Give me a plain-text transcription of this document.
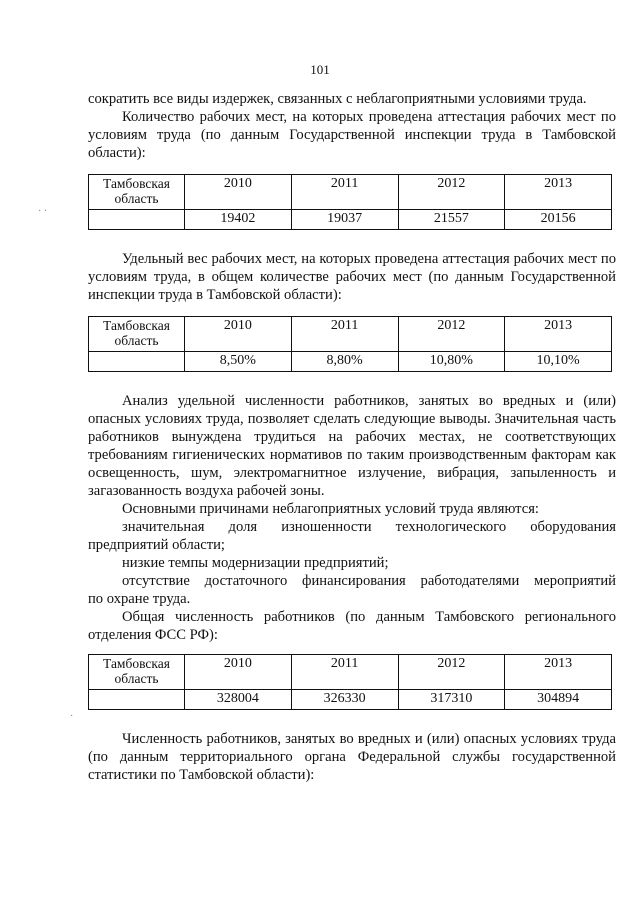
101

сократить все виды издержек, связанных с неблагоприятными условиями труда.

Количество рабочих мест, на которых проведена аттестация рабочих мест по условиям труда (по данным Государственной инспекции труда в Тамбовской области):

Тамбовская область	2010	2011	2012	2013
	19402	19037	21557	20156

Удельный вес рабочих мест, на которых проведена аттестация рабочих мест по условиям труда, в общем количестве рабочих мест (по данным Государственной инспекции труда в Тамбовской области):

Тамбовская область	2010	2011	2012	2013
	8,50%	8,80%	10,80%	10,10%

Анализ удельной численности работников, занятых во вредных и (или) опасных условиях труда, позволяет сделать следующие выводы. Значительная часть работников вынуждена трудиться на рабочих местах, не соответствующих требованиям гигиенических нормативов по таким производственным факторам как освещенность, шум, электромагнитное излучение, вибрация, запыленность и загазованность воздуха рабочей зоны.

Основными причинами неблагоприятных условий труда являются:

значительная доля изношенности технологического оборудования

предприятий области;

низкие темпы модернизации предприятий;

отсутствие достаточного финансирования работодателями мероприятий

по охране труда.

Общая численность работников (по данным Тамбовского регионального отделения ФСС РФ):

Тамбовская область	2010	2011	2012	2013
	328004	326330	317310	304894

Численность работников, занятых во вредных и (или) опасных условиях труда (по данным территориального органа Федеральной службы государственной статистики по Тамбовской области):

· ·
·
